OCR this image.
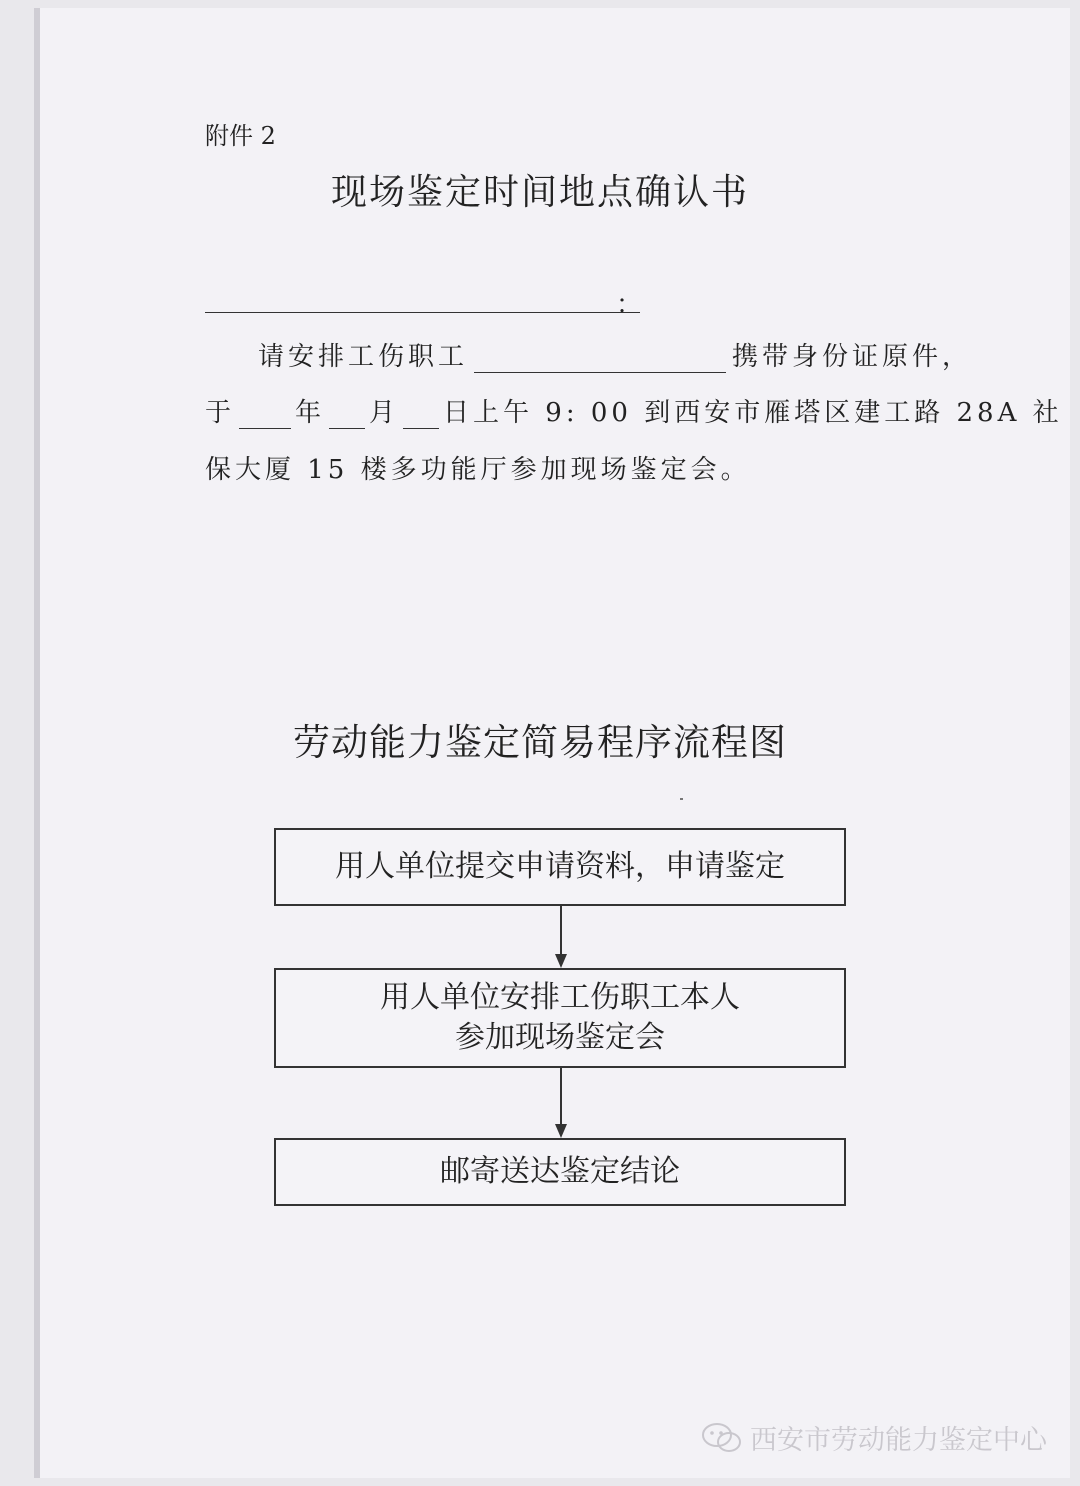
附件 2
现场鉴定时间地点确认书
：
请安排工伤职工	携带身份证原件，
于 年 月 日上午 9: 00 到西安市雁塔区建工路 28A 社
保大厦 15 楼多功能厅参加现场鉴定会。
劳动能力鉴定简易程序流程图
用人单位提交申请资料，申请鉴定
用人单位安排工伤职工本人
参加现场鉴定会
邮寄送达鉴定结论
西安市劳动能力鉴定中心
